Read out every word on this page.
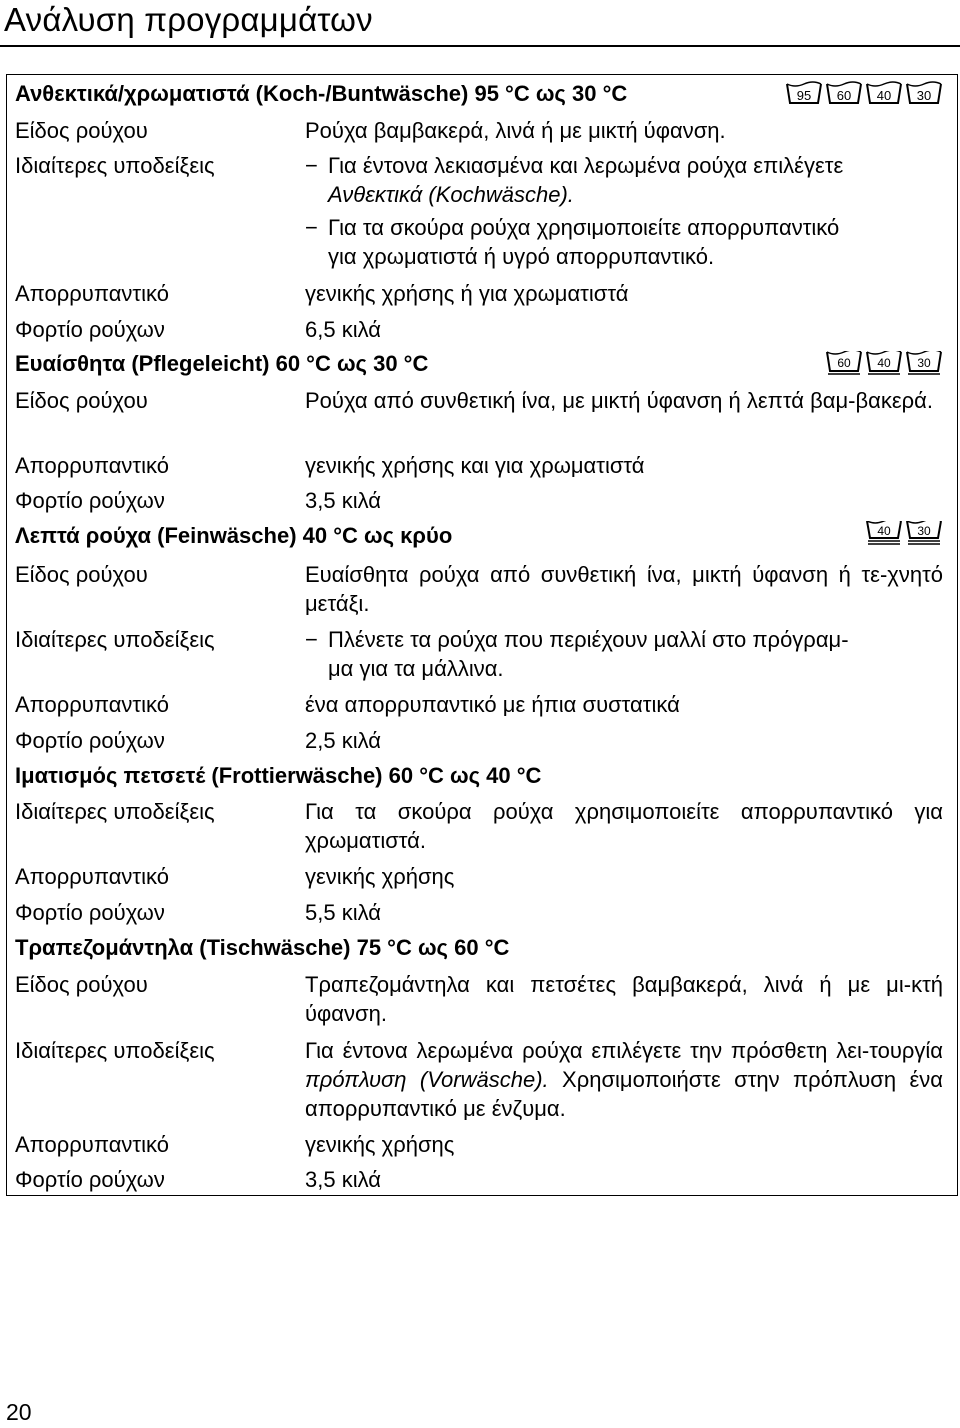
Ανάλυση προγραμμάτων
Ανθεκτικά/χρωματιστά (Koch-/Buntwäsche) 95 °C ως 30 °C	95 60 40 30
Είδος ρούχου	Ρούχα βαμβακερά, λινά ή με μικτή ύφανση.
Ιδιαίτερες υποδείξεις	− Για έντονα λεκιασμένα και λερωμένα ρούχα επιλέγετε
Ανθεκτικά (Kochwäsche).
− Για τα σκούρα ρούχα χρησιμοποιείτε απορρυπαντικό
για χρωματιστά ή υγρό απορρυπαντικό.
Απορρυπαντικό	γενικής χρήσης ή για χρωματιστά
Φορτίο ρούχων	6,5 κιλά
Ευαίσθητα (Pflegeleicht) 60 °C ως 30 °C	60 40 30
Είδος ρούχου	Ρούχα από συνθετική ίνα, με μικτή ύφανση ή λεπτά βαμ-βακερά.
Απορρυπαντικό	γενικής χρήσης και για χρωματιστά
Φορτίο ρούχων	3,5 κιλά
Λεπτά ρούχα (Feinwäsche) 40 °C ως κρύο	40 30
Είδος ρούχου	Ευαίσθητα ρούχα από συνθετική ίνα, μικτή ύφανση ή τε-χνητό μετάξι.
Ιδιαίτερες υποδείξεις	− Πλένετε τα ρούχα που περιέχουν μαλλί στο πρόγραμ-
μα για τα μάλλινα.
Απορρυπαντικό	ένα απορρυπαντικό με ήπια συστατικά
Φορτίο ρούχων	2,5 κιλά
Ιματισμός πετσετέ (Frottierwäsche) 60 °C ως 40 °C
Ιδιαίτερες υποδείξεις	Για τα σκούρα ρούχα χρησιμοποιείτε απορρυπαντικό για χρωματιστά.
Απορρυπαντικό	γενικής χρήσης
Φορτίο ρούχων	5,5 κιλά
Τραπεζομάντηλα (Tischwäsche) 75 °C ως 60 °C
Είδος ρούχου	Τραπεζομάντηλα και πετσέτες βαμβακερά, λινά ή με μι-κτή ύφανση.
Ιδιαίτερες υποδείξεις	Για έντονα λερωμένα ρούχα επιλέγετε την πρόσθετη λει-τουργία πρόπλυση (Vorwäsche). Χρησιμοποιήστε στην πρόπλυση ένα απορρυπαντικό με ένζυμα.
Απορρυπαντικό	γενικής χρήσης
Φορτίο ρούχων	3,5 κιλά
20
